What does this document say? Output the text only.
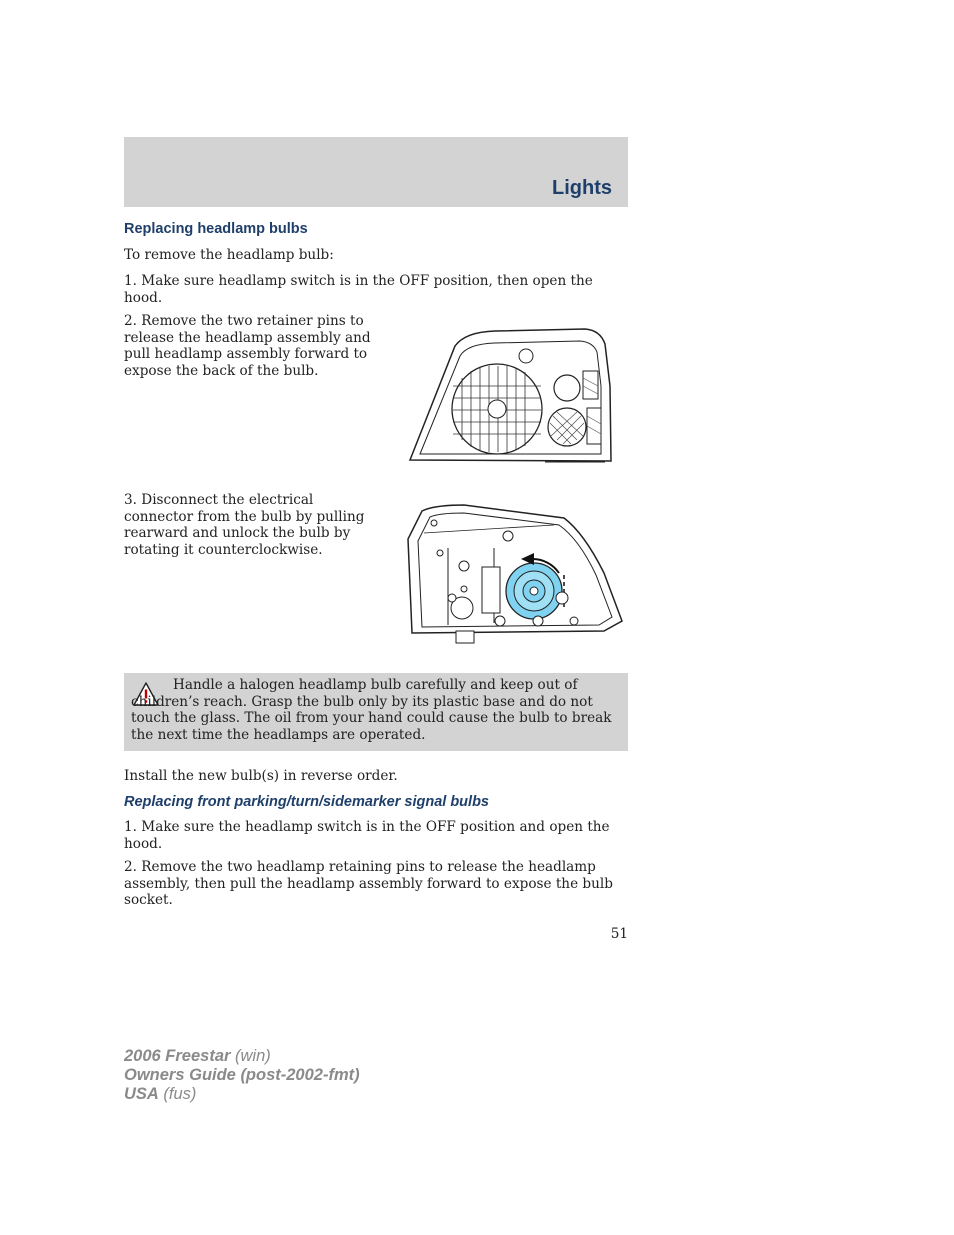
Lights
Replacing headlamp bulbs

To remove the headlamp bulb:

1. Make sure headlamp switch is in the OFF position, then open the hood.

2. Remove the two retainer pins to release the headlamp assembly and pull headlamp assembly forward to expose the back of the bulb.

3. Disconnect the electrical connector from the bulb by pulling rearward and unlock the bulb by rotating it counterclockwise.

Handle a halogen headlamp bulb carefully and keep out of children’s reach. Grasp the bulb only by its plastic base and do not touch the glass. The oil from your hand could cause the bulb to break the next time the headlamps are operated.

Install the new bulb(s) in reverse order.

Replacing front parking/turn/sidemarker signal bulbs

1. Make sure the headlamp switch is in the OFF position and open the hood.

2. Remove the two headlamp retaining pins to release the headlamp assembly, then pull the headlamp assembly forward to expose the bulb socket.

51
2006 Freestar (win)
Owners Guide (post-2002-fmt)
USA (fus)
